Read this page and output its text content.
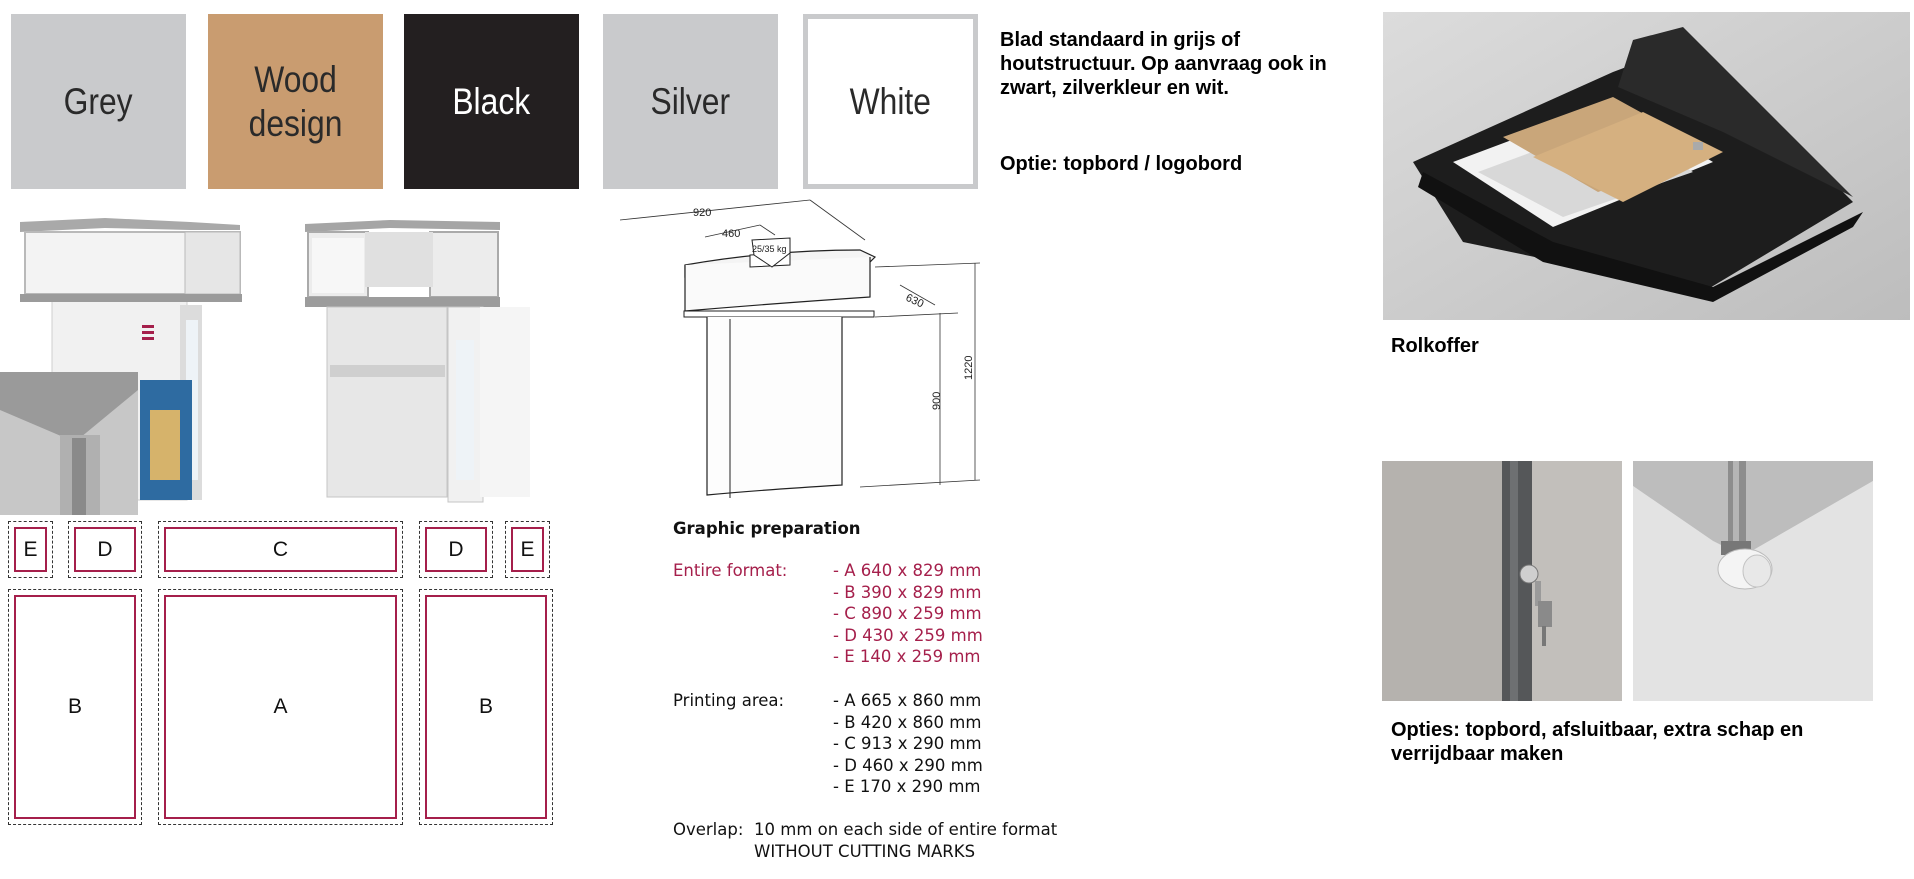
Grey
Wood
design
Black	Silver	White
Blad standaard in grijs of
houtstructuur. Op aanvraag ook in
zwart, zilverkleur en wit.
Optie: topbord / logobord
Rolkoffer
Opties: topbord, afsluitbaar, extra schap en
verrijdbaar maken
920
460
25/35 kg
630
900
1220
E	D	C	D	E
B	A	B
Graphic preparation
Entire format:	- A 640 x 829 mm
- B 390 x 829 mm
- C 890 x 259 mm
- D 430 x 259 mm
- E 140 x 259 mm
Printing area:	- A 665 x 860 mm
- B 420 x 860 mm
- C 913 x 290 mm
- D 460 x 290 mm
- E 170 x 290 mm
Overlap: 10 mm on each side of entire format
WITHOUT CUTTING MARKS
